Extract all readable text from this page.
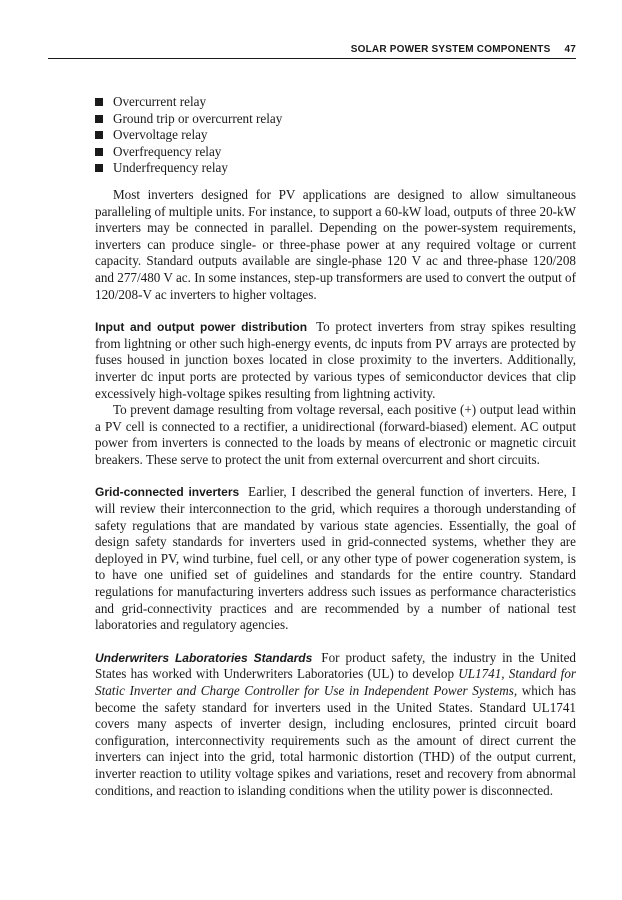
SOLAR POWER SYSTEM COMPONENTS 47
Overcurrent relay
Ground trip or overcurrent relay
Overvoltage relay
Overfrequency relay
Underfrequency relay

Most inverters designed for PV applications are designed to allow simultaneous paralleling of multiple units. For instance, to support a 60-kW load, outputs of three 20-kW inverters may be connected in parallel. Depending on the power-system requirements, inverters can produce single- or three-phase power at any required voltage or current capacity. Standard outputs available are single-phase 120 V ac and three-phase 120/208 and 277/480 V ac. In some instances, step-up transformers are used to convert the output of 120/208-V ac inverters to higher voltages.

Input and output power distribution To protect inverters from stray spikes resulting from lightning or other such high-energy events, dc inputs from PV arrays are protected by fuses housed in junction boxes located in close proximity to the inverters. Additionally, inverter dc input ports are protected by various types of semiconductor devices that clip excessively high-voltage spikes resulting from lightning activity.

To prevent damage resulting from voltage reversal, each positive (+) output lead within a PV cell is connected to a rectifier, a unidirectional (forward-biased) element. AC output power from inverters is connected to the loads by means of electronic or magnetic circuit breakers. These serve to protect the unit from external overcurrent and short circuits.

Grid-connected inverters Earlier, I described the general function of inverters. Here, I will review their interconnection to the grid, which requires a thorough understanding of safety regulations that are mandated by various state agencies. Essentially, the goal of design safety standards for inverters used in grid-connected systems, whether they are deployed in PV, wind turbine, fuel cell, or any other type of power cogeneration system, is to have one unified set of guidelines and standards for the entire country. Standard regulations for manufacturing inverters address such issues as performance characteristics and grid-connectivity practices and are recommended by a number of national test laboratories and regulatory agencies.

Underwriters Laboratories Standards For product safety, the industry in the United States has worked with Underwriters Laboratories (UL) to develop UL1741, Standard for Static Inverter and Charge Controller for Use in Independent Power Systems, which has become the safety standard for inverters used in the United States. Standard UL1741 covers many aspects of inverter design, including enclosures, printed circuit board configuration, interconnectivity requirements such as the amount of direct current the inverters can inject into the grid, total harmonic distortion (THD) of the output current, inverter reaction to utility voltage spikes and variations, reset and recovery from abnormal conditions, and reaction to islanding conditions when the utility power is disconnected.
